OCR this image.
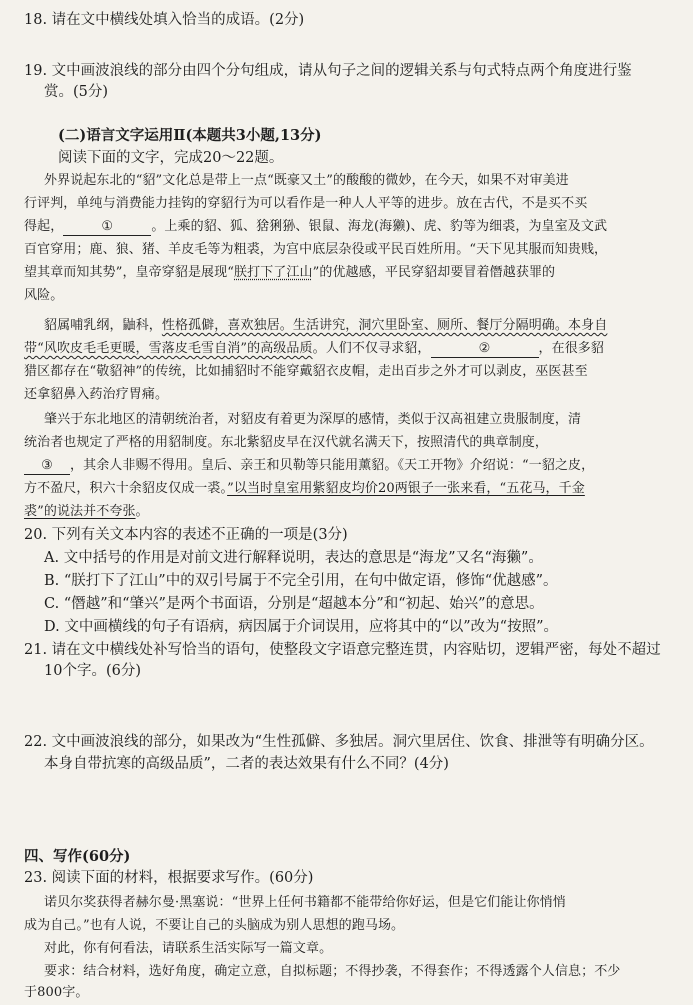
18. 请在文中横线处填入恰当的成语。(2分)
19. 文中画波浪线的部分由四个分句组成，请从句子之间的逻辑关系与句式特点两个角度进行鉴
赏。(5分)
(二)语言文字运用Ⅱ(本题共3小题,13分)
阅读下面的文字，完成20～22题。
外界说起东北的“貂”文化总是带上一点“既豪又土”的酸酸的微妙，在今天，如果不对审美进
行评判，单纯与消费能力挂钩的穿貂行为可以看作是一种人人平等的进步。放在古代，不是买不买
得起，	①	。上乘的貂、狐、猞猁狲、银鼠、海龙(海獭)、虎、豹等为细裘，为皇室及文武
百官穿用；鹿、狼、猪、羊皮毛等为粗裘，为宫中底层杂役或平民百姓所用。“天下见其服而知贵贱，
望其章而知其势”，皇帝穿貂是展现“朕打下了江山”的优越感，平民穿貂却要冒着僭越获罪的
风险。
貂属哺乳纲，鼬科，性格孤僻，喜欢独居。生活讲究，洞穴里卧室、厕所、餐厅分隔明确。本身自
带“风吹皮毛毛更暖，雪落皮毛雪自消”的高级品质。人们不仅寻求貂，	②	，在很多貂
猎区都存在“敬貂神”的传统，比如捕貂时不能穿戴貂衣皮帽，走出百步之外才可以剥皮，巫医甚至
还拿貂鼻入药治疗胃痛。
肇兴于东北地区的清朝统治者，对貂皮有着更为深厚的感情，类似于汉高祖建立贵服制度，清
统治者也规定了严格的用貂制度。东北紫貂皮早在汉代就名满天下，按照清代的典章制度，
③ ，其余人非赐不得用。皇后、亲王和贝勒等只能用薰貂。《天工开物》介绍说：“一貂之皮，
方不盈尺，积六十余貂皮仅成一裘。”以当时皇室用紫貂皮均价20两银子一张来看，“五花马，千金
裘”的说法并不夸张。
20. 下列有关文本内容的表述不正确的一项是(3分)
A. 文中括号的作用是对前文进行解释说明，表达的意思是“海龙”又名“海獭”。
B. “朕打下了江山”中的双引号属于不完全引用，在句中做定语，修饰“优越感”。
C. “僭越”和“肇兴”是两个书面语，分别是“超越本分”和“初起、始兴”的意思。
D. 文中画横线的句子有语病，病因属于介词误用，应将其中的“以”改为“按照”。
21. 请在文中横线处补写恰当的语句，使整段文字语意完整连贯，内容贴切，逻辑严密，每处不超过
10个字。(6分)
22. 文中画波浪线的部分，如果改为“生性孤僻、多独居。洞穴里居住、饮食、排泄等有明确分区。
本身自带抗寒的高级品质”，二者的表达效果有什么不同？(4分)
四、写作(60分)
23. 阅读下面的材料，根据要求写作。(60分)
诺贝尔奖获得者赫尔曼·黑塞说：“世界上任何书籍都不能带给你好运，但是它们能让你悄悄
成为自己。”也有人说，不要让自己的头脑成为别人思想的跑马场。
对此，你有何看法，请联系生活实际写一篇文章。
要求：结合材料，选好角度，确定立意，自拟标题；不得抄袭，不得套作；不得透露个人信息；不少
于800字。
